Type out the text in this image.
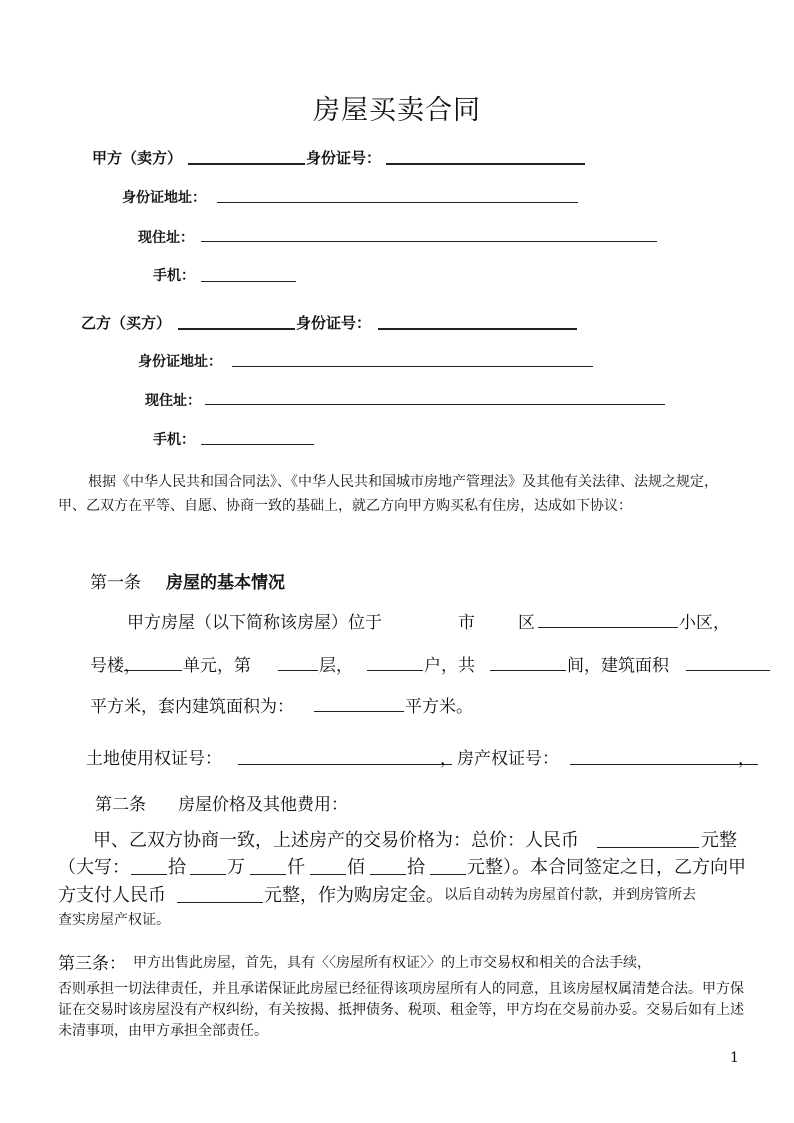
房屋买卖合同
甲方（卖方）	身份证号：
身份证地址：
现住址：
手机：
乙方（买方）	身份证号：
身份证地址：
现住址：
手机：
根据《中华人民共和国合同法》、《中华人民共和国城市房地产管理法》及其他有关法律、法规之规定，甲、乙双方在平等、自愿、协商一致的基础上，就乙方向甲方购买私有住房，达成如下协议：
第一条 房屋的基本情况
甲方房屋（以下简称该房屋）位于	市	区	小区，
号楼， 单元，第	层，	户，共	间，建筑面积
平方米，套内建筑面积为：	平方米。
土地使用权证号：	，房产权证号：	，
第二条 房屋价格及其他费用：
甲、乙双方协商一致，上述房产的交易价格为：总价：人民币	元整
（大写： 拾 万 仟 佰 拾 元整）。本合同签定之日，乙方向甲
方支付人民币	元整，作为购房定金。 以后自动转为房屋首付款，并到房管所去
查实房屋产权证。
第三条： 甲方出售此房屋，首先，具有〈〈房屋所有权证〉〉的上市交易权和相关的合法手续，
否则承担一切法律责任，并且承诺保证此房屋已经征得该项房屋所有人的同意，且该房屋权属清楚合法。甲方保证在交易时该房屋没有产权纠纷，有关按揭、抵押债务、税项、租金等，甲方均在交易前办妥。交易后如有上述未清事项，由甲方承担全部责任。
1
